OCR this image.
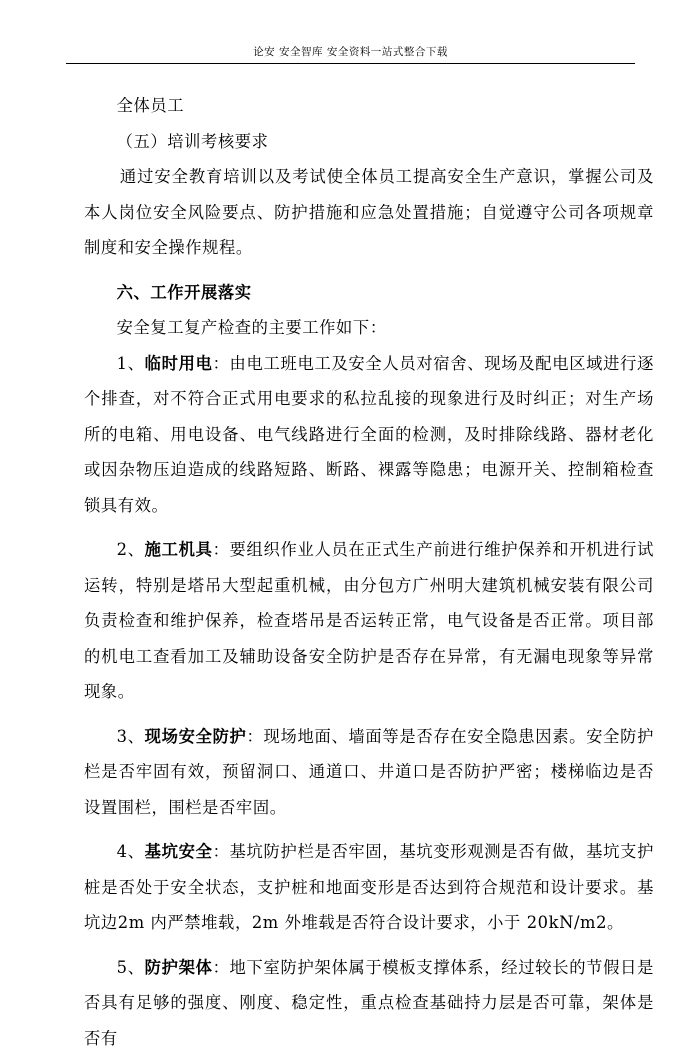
论安 安全智库 安全资料一站式整合下载

全体员工

（五）培训考核要求

通过安全教育培训以及考试使全体员工提高安全生产意识，掌握公司及本人岗位安全风险要点、防护措施和应急处置措施；自觉遵守公司各项规章制度和安全操作规程。

六、工作开展落实

安全复工复产检查的主要工作如下：

1、临时用电：由电工班电工及安全人员对宿舍、现场及配电区域进行逐个排查，对不符合正式用电要求的私拉乱接的现象进行及时纠正；对生产场所的电箱、用电设备、电气线路进行全面的检测，及时排除线路、器材老化或因杂物压迫造成的线路短路、断路、裸露等隐患；电源开关、控制箱检查锁具有效。

2、施工机具：要组织作业人员在正式生产前进行维护保养和开机进行试运转，特别是塔吊大型起重机械，由分包方广州明大建筑机械安装有限公司负责检查和维护保养，检查塔吊是否运转正常，电气设备是否正常。项目部的机电工查看加工及辅助设备安全防护是否存在异常，有无漏电现象等异常现象。

3、现场安全防护：现场地面、墙面等是否存在安全隐患因素。安全防护栏是否牢固有效，预留洞口、通道口、井道口是否防护严密；楼梯临边是否设置围栏，围栏是否牢固。

4、基坑安全：基坑防护栏是否牢固，基坑变形观测是否有做，基坑支护桩是否处于安全状态，支护桩和地面变形是否达到符合规范和设计要求。基坑边2m 内严禁堆载，2m 外堆载是否符合设计要求，小于 20kN/m2。

5、防护架体：地下室防护架体属于模板支撑体系，经过较长的节假日是否具有足够的强度、刚度、稳定性，重点检查基础持力层是否可靠，架体是否有
